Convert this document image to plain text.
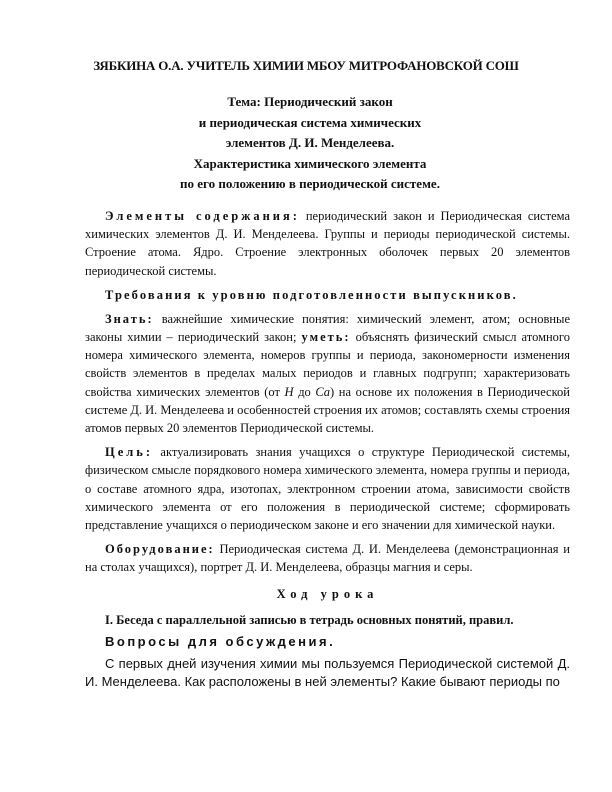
ЗЯБКИНА О.А. УЧИТЕЛЬ ХИМИИ МБОУ МИТРОФАНОВСКОЙ СОШ
Тема: Периодический закон
и периодическая система химических
элементов Д. И. Менделеева.
Характеристика химического элемента
по его положению в периодической системе.

Элементы содержания: периодический закон и Периодическая система химических элементов Д. И. Менделеева. Группы и периоды периодической системы. Строение атома. Ядро. Строение электронных оболочек первых 20 элементов периодической системы.

Требования к уровню подготовленности выпускников.

Знать: важнейшие химические понятия: химический элемент, атом; основные законы химии – периодический закон; уметь: объяснять физический смысл атомного номера химического элемента, номеров группы и периода, закономерности изменения свойств элементов в пределах малых периодов и главных подгрупп; характеризовать свойства химических элементов (от H до Ca) на основе их положения в Периодической системе Д. И. Менделеева и особенностей строения их атомов; составлять схемы строения атомов первых 20 элементов Периодической системы.

Цель: актуализировать знания учащихся о структуре Периодической системы, физическом смысле порядкового номера химического элемента, номера группы и периода, о составе атомного ядра, изотопах, электронном строении атома, зависимости свойств химического элемента от его положения в периодической системе; сформировать представление учащихся о периодическом законе и его значении для химической науки.

Оборудование: Периодическая система Д. И. Менделеева (демонстрационная и на столах учащихся), портрет Д. И. Менделеева, образцы магния и серы.

Ход урока

I. Беседа с параллельной записью в тетрадь основных понятий, правил.

Вопросы для обсуждения.

С первых дней изучения химии мы пользуемся Периодической системой Д. И. Менделеева. Как расположены в ней элементы? Какие бывают периоды по
